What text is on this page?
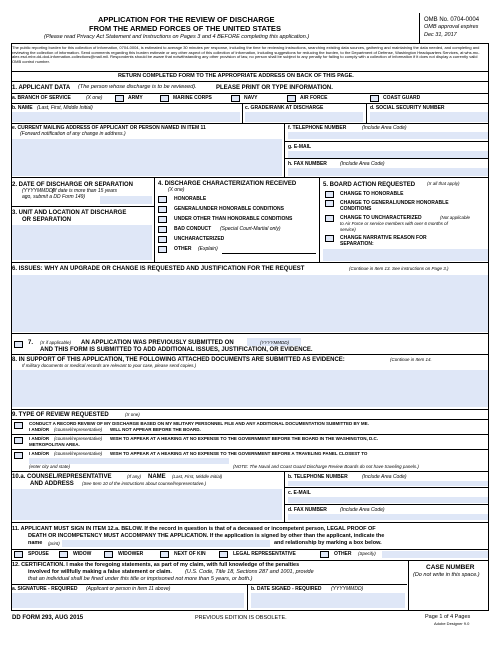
APPLICATION FOR THE REVIEW OF DISCHARGE
FROM THE ARMED FORCES OF THE UNITED STATES
(Please read Privacy Act Statement and Instructions on Pages 3 and 4 BEFORE completing this application.)
OMB No. 0704-0004
OMB approval expires
Dec 31, 2017
The public reporting burden for this collection of information, 0704-0004, is estimated to average 30 minutes per response, including the time for reviewing instructions, searching existing data sources, gathering and maintaining the data needed, and completing and reviewing the collection of information. Send comments regarding this burden estimate or any other aspect of this collection of information, including suggestions for reducing the burden, to the Department of Defense, Washington Headquarters Services, at whs.mc-alex.esd.mbx.dd-dod-information-collections@mail.mil. Respondents should be aware that notwithstanding any other provision of law, no person shall be subject to any penalty for failing to comply with a collection of information if it does not display a currently valid OMB control number.
RETURN COMPLETED FORM TO THE APPROPRIATE ADDRESS ON BACK OF THIS PAGE.
1. APPLICANT DATA (The person whose discharge is to be reviewed).	PLEASE PRINT OR TYPE INFORMATION.
a. BRANCH OF SERVICE	(X one)	ARMY	MARINE CORPS	NAVY	AIR FORCE	COAST GUARD
b. NAME (Last, First, Middle Initial)	c. GRADE/RANK AT DISCHARGE	d. SOCIAL SECURITY NUMBER
e. CURRENT MAILING ADDRESS OF APPLICANT OR PERSON NAMED IN ITEM 11
(Forward notification of any change in address.)
f. TELEPHONE NUMBER	(Include Area Code)
g. E-MAIL
h. FAX NUMBER	(Include Area Code)
2. DATE OF DISCHARGE OR SEPARATION
(YYYYMMDD)
(If date is more than 15 years
ago, submit a DD Form 149)
3. UNIT AND LOCATION AT DISCHARGE
OR SEPARATION
4. DISCHARGE CHARACTERIZATION RECEIVED
(X one)
HONORABLE
GENERAL/UNDER HONORABLE CONDITIONS
UNDER OTHER THAN HONORABLE CONDITIONS
BAD CONDUCT (Special Court-Martial only)
UNCHARACTERIZED
OTHER (Explain)
5. BOARD ACTION REQUESTED	(X all that apply)
CHANGE TO HONORABLE
CHANGE TO GENERAL/UNDER HONORABLE
CONDITIONS
CHANGE TO UNCHARACTERIZED	(Not applicable
to Air Force or service members with over 6 months of
service)
CHANGE NARRATIVE REASON FOR
SEPARATION:
6. ISSUES: WHY AN UPGRADE OR CHANGE IS REQUESTED AND JUSTIFICATION FOR THE REQUEST	(Continue in Item 13. See instructions on Page 3.)
7. (X if applicable) AN APPLICATION WAS PREVIOUSLY SUBMITTED ON	(YYYYMMDD)
AND THIS FORM IS SUBMITTED TO ADD ADDITIONAL ISSUES, JUSTIFICATION, OR EVIDENCE.
8. IN SUPPORT OF THIS APPLICATION, THE FOLLOWING ATTACHED DOCUMENTS ARE SUBMITTED AS EVIDENCE:	(Continue in Item 14.
If military documents or medical records are relevant to your case, please send copies.)
9. TYPE OF REVIEW REQUESTED	(X one)
CONDUCT A RECORD REVIEW OF MY DISCHARGE BASED ON MY MILITARY PERSONNEL FILE AND ANY ADDITIONAL DOCUMENTATION SUBMITTED BY ME.
I AND/OR (counsel/representative) WILL NOT APPEAR BEFORE THE BOARD.
I AND/OR (counsel/representative) WISH TO APPEAR AT A HEARING AT NO EXPENSE TO THE GOVERNMENT BEFORE THE BOARD IN THE WASHINGTON, D.C.
METROPOLITAN AREA.
I AND/OR (counsel/representative) WISH TO APPEAR AT A HEARING AT NO EXPENSE TO THE GOVERNMENT BEFORE A TRAVELING PANEL CLOSEST TO
(enter city and state)	(NOTE: The Naval and Coast Guard Discharge Review Boards do not have traveling panels.)
10.a. COUNSEL/REPRESENTATIVE	(If any) NAME (Last, First, Middle Initial)
AND ADDRESS (See Item 10 of the instructions about counsel/representative.)
b. TELEPHONE NUMBER	(Include Area Code)
c. E-MAIL
d. FAX NUMBER	(Include Area Code)
11. APPLICANT MUST SIGN IN ITEM 12.a. BELOW. If the record in question is that of a deceased or incompetent person, LEGAL PROOF OF
DEATH OR INCOMPETENCY MUST ACCOMPANY THE APPLICATION. If the application is signed by other than the applicant, indicate the
name (print)	and relationship by marking a box below.
SPOUSE	WIDOW	WIDOWER	NEXT OF KIN	LEGAL REPRESENTATIVE	OTHER (Specify)
12. CERTIFICATION. I make the foregoing statements, as part of my claim, with full knowledge of the penalties
involved for willfully making a false statement or claim. (U.S. Code, Title 18, Sections 287 and 1001, provide
that an individual shall be fined under this title or imprisoned not more than 5 years, or both.)
a. SIGNATURE - REQUIRED (Applicant or person in Item 11 above)	b. DATE SIGNED - REQUIRED (YYYYMMDD)
CASE NUMBER
(Do not write in this space.)
DD FORM 293, AUG 2015	PREVIOUS EDITION IS OBSOLETE.	Page 1 of 4 Pages
Adobe Designer 9.0
